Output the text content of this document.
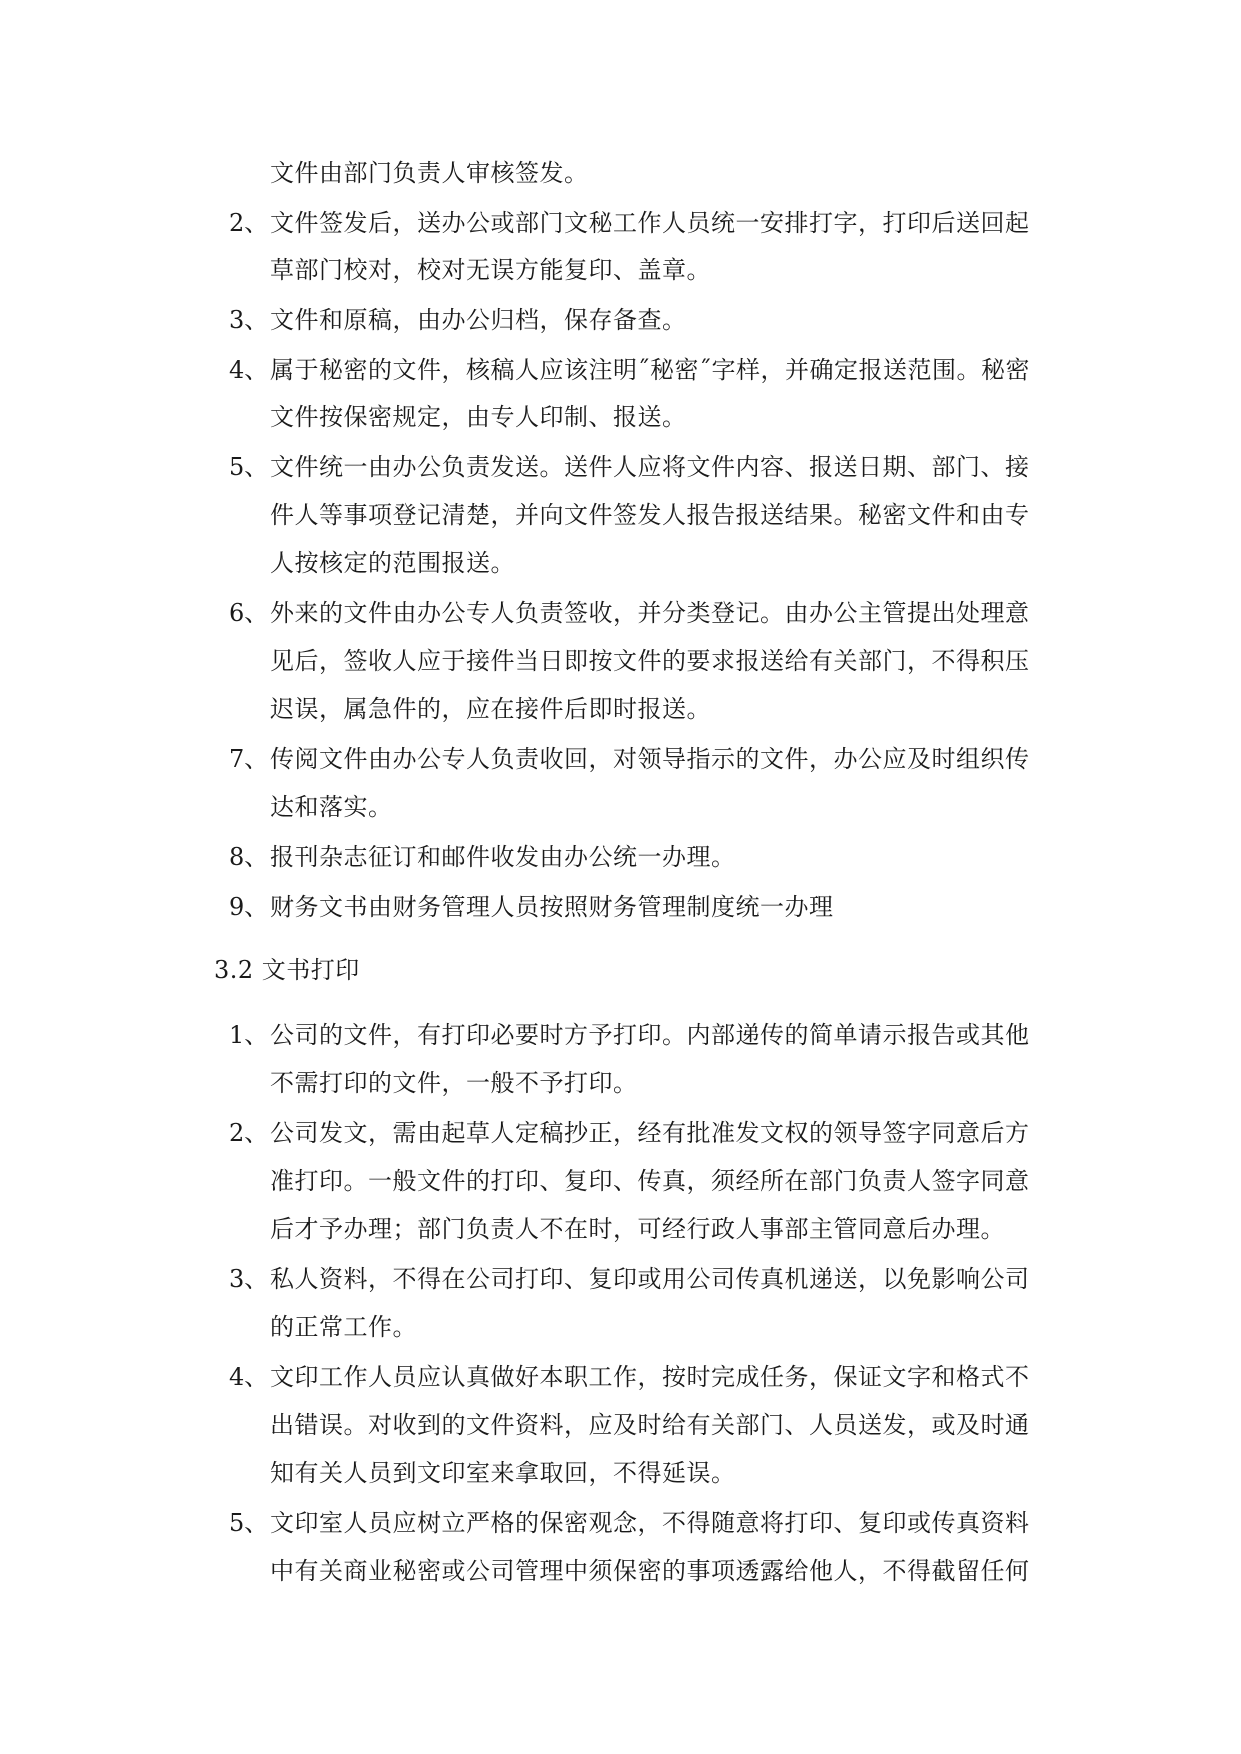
文件由部门负责人审核签发。
2、 文件签发后，送办公或部门文秘工作人员统一安排打字，打印后送回起
草部门校对，校对无误方能复印、盖章。
3、 文件和原稿，由办公归档，保存备查。
4、 属于秘密的文件，核稿人应该注明˝秘密˝字样，并确定报送范围。秘密
文件按保密规定，由专人印制、报送。
5、 文件统一由办公负责发送。送件人应将文件内容、报送日期、部门、接
件人等事项登记清楚，并向文件签发人报告报送结果。秘密文件和由专
人按核定的范围报送。
6、 外来的文件由办公专人负责签收，并分类登记。由办公主管提出处理意
见后，签收人应于接件当日即按文件的要求报送给有关部门，不得积压
迟误，属急件的，应在接件后即时报送。
7、 传阅文件由办公专人负责收回，对领导指示的文件，办公应及时组织传
达和落实。
8、 报刊杂志征订和邮件收发由办公统一办理。
9、 财务文书由财务管理人员按照财务管理制度统一办理
3.2 文书打印
1、 公司的文件，有打印必要时方予打印。内部递传的简单请示报告或其他
不需打印的文件，一般不予打印。
2、 公司发文，需由起草人定稿抄正，经有批准发文权的领导签字同意后方
准打印。一般文件的打印、复印、传真，须经所在部门负责人签字同意
后才予办理；部门负责人不在时，可经行政人事部主管同意后办理。
3、 私人资料，不得在公司打印、复印或用公司传真机递送，以免影响公司
的正常工作。
4、 文印工作人员应认真做好本职工作，按时完成任务，保证文字和格式不
出错误。对收到的文件资料，应及时给有关部门、人员送发，或及时通
知有关人员到文印室来拿取回，不得延误。
5、 文印室人员应树立严格的保密观念，不得随意将打印、复印或传真资料
中有关商业秘密或公司管理中须保密的事项透露给他人，不得截留任何
